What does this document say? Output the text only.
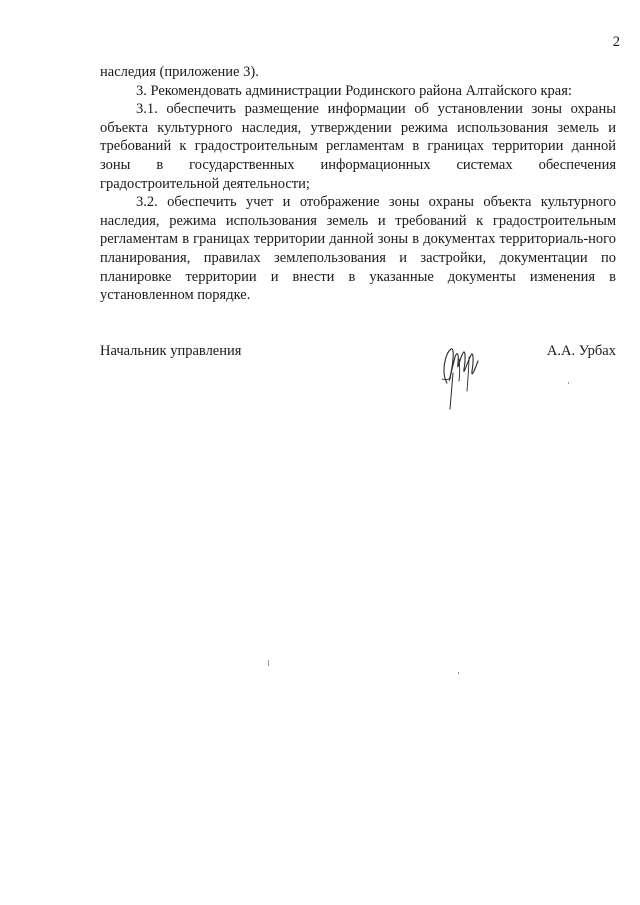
2

наследия (приложение 3).

3. Рекомендовать администрации Родинского района Алтайского края:

3.1. обеспечить размещение информации об установлении зоны охраны объекта культурного наследия, утверждении режима использования земель и требований к градостроительным регламентам в границах территории данной зоны в государственных информационных системах обеспечения градостроительной деятельности;

3.2. обеспечить учет и отображение зоны охраны объекта культурного наследия, режима использования земель и требований к градостроительным регламентам в границах территории данной зоны в документах территориаль-ного планирования, правилах землепользования и застройки, документации по планировке территории и внести в указанные документы изменения в установленном порядке.

Начальник управления	А.А. Урбах
